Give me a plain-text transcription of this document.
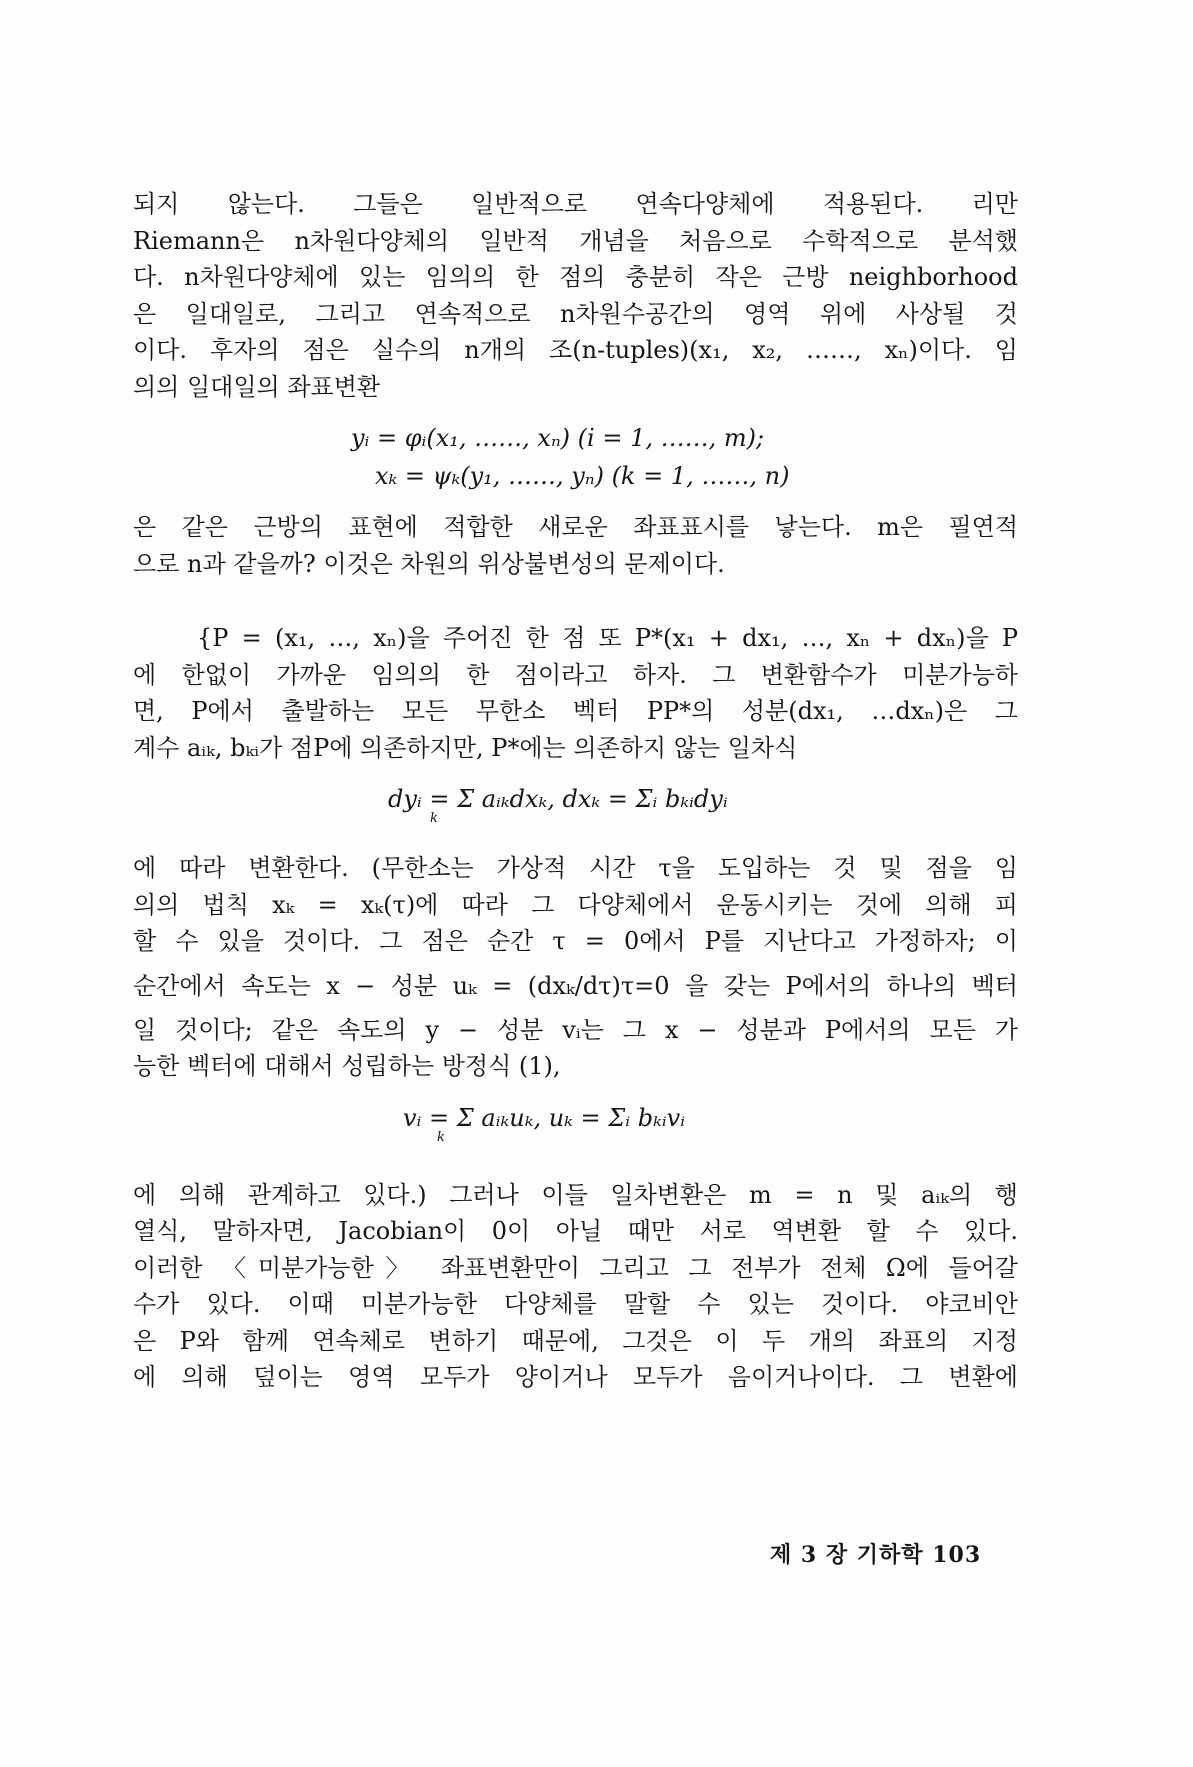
되지 않는다. 그들은 일반적으로 연속다양체에 적용된다. 리만
Riemann은 n차원다양체의 일반적 개념을 처음으로 수학적으로 분석했
다. n차원다양체에 있는 임의의 한 점의 충분히 작은 근방 neighborhood
은 일대일로, 그리고 연속적으로 n차원수공간의 영역 위에 사상될 것
이다. 후자의 점은 실수의 n개의 조(n-tuples)(x₁, x₂, ……, xₙ)이다. 임
의의 일대일의 좌표변환
yᵢ = φᵢ(x₁, ……, xₙ) (i = 1, ……, m);
xₖ = ψₖ(y₁, ……, yₙ) (k = 1, ……, n)
은 같은 근방의 표현에 적합한 새로운 좌표표시를 낳는다. m은 필연적
으로 n과 같을까? 이것은 차원의 위상불변성의 문제이다.
{P = (x₁, …, xₙ)을 주어진 한 점 또 P*(x₁ + dx₁, …, xₙ + dxₙ)을 P
에 한없이 가까운 임의의 한 점이라고 하자. 그 변환함수가 미분가능하
면, P에서 출발하는 모든 무한소 벡터 PP*의 성분(dx₁, …dxₙ)은 그
계수 aᵢₖ, bₖᵢ가 점P에 의존하지만, P*에는 의존하지 않는 일차식
dyᵢ = Σ aᵢₖdxₖ, dxₖ = Σᵢ bₖᵢdyᵢ
k
에 따라 변환한다. (무한소는 가상적 시간 τ을 도입하는 것 및 점을 임
의의 법칙 xₖ = xₖ(τ)에 따라 그 다양체에서 운동시키는 것에 의해 피
할 수 있을 것이다. 그 점은 순간 τ = 0에서 P를 지난다고 가정하자; 이
순간에서 속도는 x − 성분 uₖ = (dxₖ/dτ)τ=0 을 갖는 P에서의 하나의 벡터
일 것이다; 같은 속도의 y − 성분 vᵢ는 그 x − 성분과 P에서의 모든 가
능한 벡터에 대해서 성립하는 방정식 (1),
vᵢ = Σ aᵢₖuₖ, uₖ = Σᵢ bₖᵢvᵢ
k
에 의해 관계하고 있다.) 그러나 이들 일차변환은 m = n 및 aᵢₖ의 행
열식, 말하자면, Jacobian이 0이 아닐 때만 서로 역변환 할 수 있다.
이러한 〈미분가능한〉 좌표변환만이 그리고 그 전부가 전체 Ω에 들어갈
수가 있다. 이때 미분가능한 다양체를 말할 수 있는 것이다. 야코비안
은 P와 함께 연속체로 변하기 때문에, 그것은 이 두 개의 좌표의 지정
에 의해 덮이는 영역 모두가 양이거나 모두가 음이거나이다. 그 변환에
제 3 장 기하학 103
